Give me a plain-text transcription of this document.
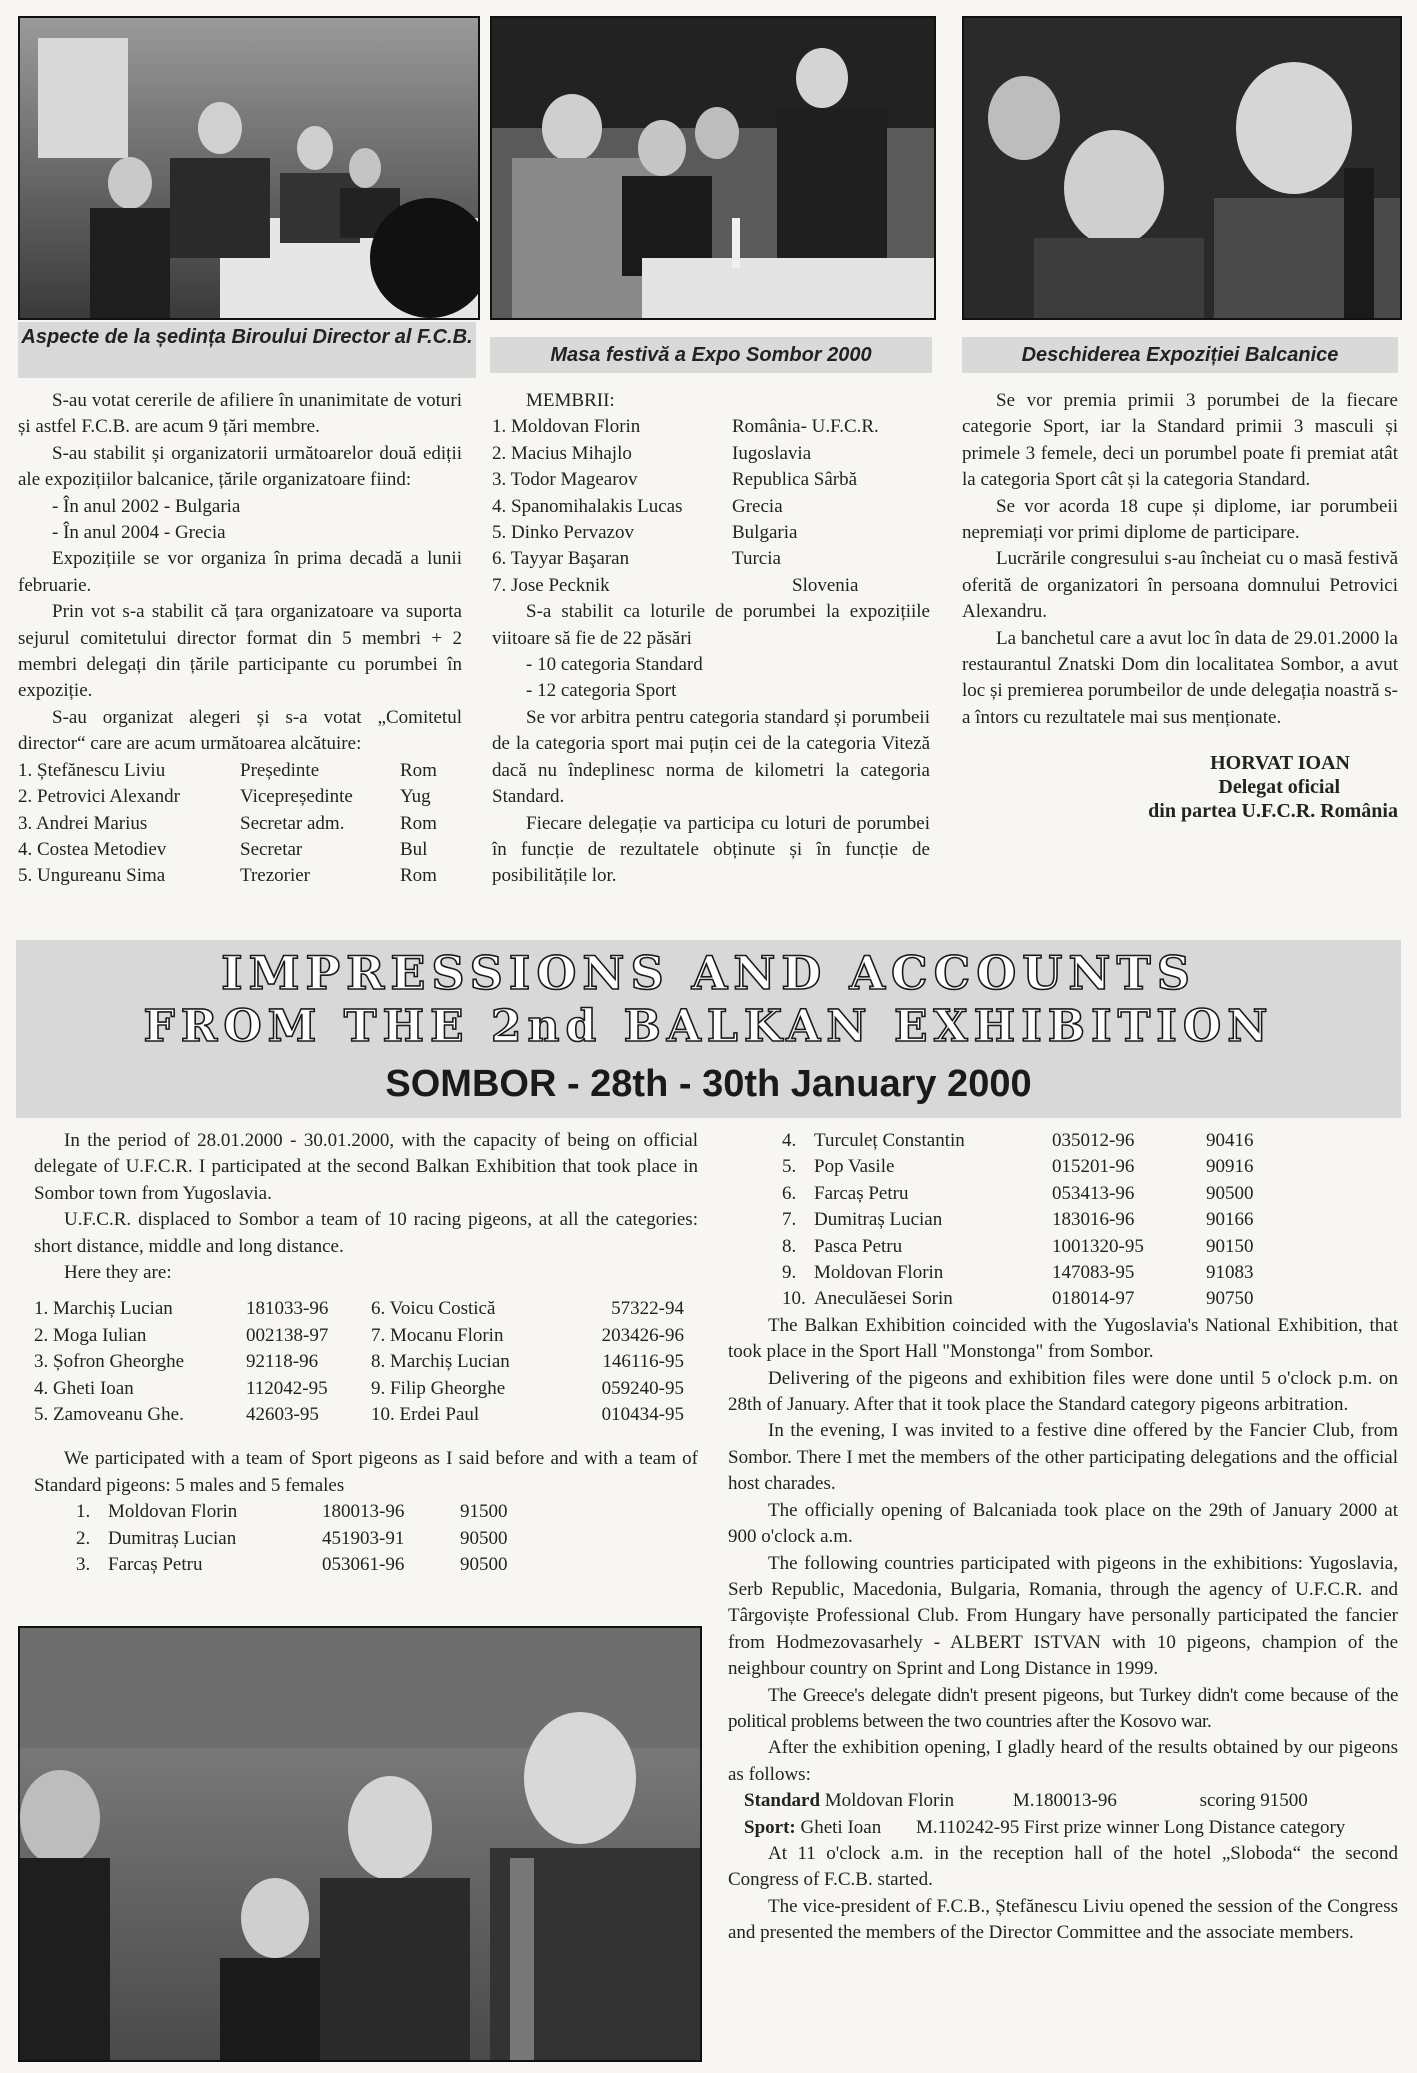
Aspecte de la ședința Biroului Director al F.C.B.
Masa festivă a Expo Sombor 2000	Deschiderea Expoziției Balcanice

S-au votat cererile de afiliere în unanimitate de voturi și astfel F.C.B. are acum 9 țări membre.

S-au stabilit și organizatorii următoarelor două ediții ale expozițiilor balcanice, țările organizatoare fiind:

- În anul 2002 - Bulgaria

- În anul 2004 - Grecia

Expozițiile se vor organiza în prima decadă a lunii februarie.

Prin vot s-a stabilit că țara organizatoare va suporta sejurul comitetului director format din 5 membri + 2 membri delegați din țările participante cu porumbei în expoziție.

S-au organizat alegeri și s-a votat „Comitetul director“ care are acum următoarea alcătuire:

1. Ștefănescu Liviu	Președinte	Rom
2. Petrovici Alexandr	Vicepreședinte	Yug
3. Andrei Marius	Secretar adm.	Rom
4. Costea Metodiev	Secretar	Bul
5. Ungureanu Sima	Trezorier	Rom

MEMBRII:

1. Moldovan Florin	România- U.F.C.R.
2. Macius Mihajlo	Iugoslavia
3. Todor Magearov	Republica Sârbă
4. Spanomihalakis Lucas	Grecia
5. Dinko Pervazov	Bulgaria
6. Tayyar Başaran	Turcia
7. Jose Pecknik	Slovenia

S-a stabilit ca loturile de porumbei la expozițiile viitoare să fie de 22 păsări

- 10 categoria Standard

- 12 categoria Sport

Se vor arbitra pentru categoria standard și porumbeii de la categoria sport mai puțin cei de la categoria Viteză dacă nu îndeplinesc norma de kilometri la categoria Standard.

Fiecare delegație va participa cu loturi de porumbei în funcție de rezultatele obținute și în funcție de posibilitățile lor.

Se vor premia primii 3 porumbei de la fiecare categorie Sport, iar la Standard primii 3 masculi și primele 3 femele, deci un porumbel poate fi premiat atât la categoria Sport cât și la categoria Standard.

Se vor acorda 18 cupe și diplome, iar porumbeii nepremiați vor primi diplome de participare.

Lucrările congresului s-au încheiat cu o masă festivă oferită de organizatori în persoana domnului Petrovici Alexandru.

La banchetul care a avut loc în data de 29.01.2000 la restaurantul Znatski Dom din localitatea Sombor, a avut loc și premierea porumbeilor de unde delegația noastră s-a întors cu rezultatele mai sus menționate.

HORVAT IOAN

Delegat oficial

din partea U.F.C.R. România

IMPRESSIONS AND ACCOUNTS
FROM THE 2nd BALKAN EXHIBITION
SOMBOR - 28th - 30th January 2000

In the period of 28.01.2000 - 30.01.2000, with the capacity of being on official delegate of U.F.C.R. I participated at the second Balkan Exhibition that took place in Sombor town from Yugoslavia.

U.F.C.R. displaced to Sombor a team of 10 racing pigeons, at all the categories: short distance, middle and long distance.

Here they are:

1. Marchiș Lucian	181033-96	6. Voicu Costică	57322-94
2. Moga Iulian	002138-97	7. Mocanu Florin	203426-96
3. Șofron Gheorghe	92118-96	8. Marchiș Lucian	146116-95
4. Gheti Ioan	112042-95	9. Filip Gheorghe	059240-95
5. Zamoveanu Ghe.	42603-95	10. Erdei Paul	010434-95

We participated with a team of Sport pigeons as I said before and with a team of Standard pigeons: 5 males and 5 females

1.	Moldovan Florin	180013-96	91500
2.	Dumitraș Lucian	451903-91	90500
3.	Farcaș Petru	053061-96	90500
4.	Turculeț Constantin	035012-96	90416
5.	Pop Vasile	015201-96	90916
6.	Farcaș Petru	053413-96	90500
7.	Dumitraș Lucian	183016-96	90166
8.	Pasca Petru	1001320-95	90150
9.	Moldovan Florin	147083-95	91083
10.	Aneculăesei Sorin	018014-97	90750

The Balkan Exhibition coincided with the Yugoslavia's National Exhibition, that took place in the Sport Hall "Monstonga" from Sombor.

Delivering of the pigeons and exhibition files were done until 5 o'clock p.m. on 28th of January. After that it took place the Standard category pigeons arbitration.

In the evening, I was invited to a festive dine offered by the Fancier Club, from Sombor. There I met the members of the other participating delegations and the official host charades.

The officially opening of Balcaniada took place on the 29th of January 2000 at 900 o'clock a.m.

The following countries participated with pigeons in the exhibitions: Yugoslavia, Serb Republic, Macedonia, Bulgaria, Romania, through the agency of U.F.C.R. and Târgoviște Professional Club. From Hungary have personally participated the fancier from Hodmezovasarhely - ALBERT ISTVAN with 10 pigeons, champion of the neighbour country on Sprint and Long Distance in 1999.

The Greece's delegate didn't present pigeons, but Turkey didn't come because of the political problems between the two countries after the Kosovo war.

After the exhibition opening, I gladly heard of the results obtained by our pigeons as follows:

Standard Moldovan Florin	M.180013-96	scoring 91500

Sport: Gheti Ioan M.110242-95 First prize winner Long Distance category

At 11 o'clock a.m. in the reception hall of the hotel „Sloboda“ the second Congress of F.C.B. started.

The vice-president of F.C.B., Ștefănescu Liviu opened the session of the Congress and presented the members of the Director Committee and the associate members.
